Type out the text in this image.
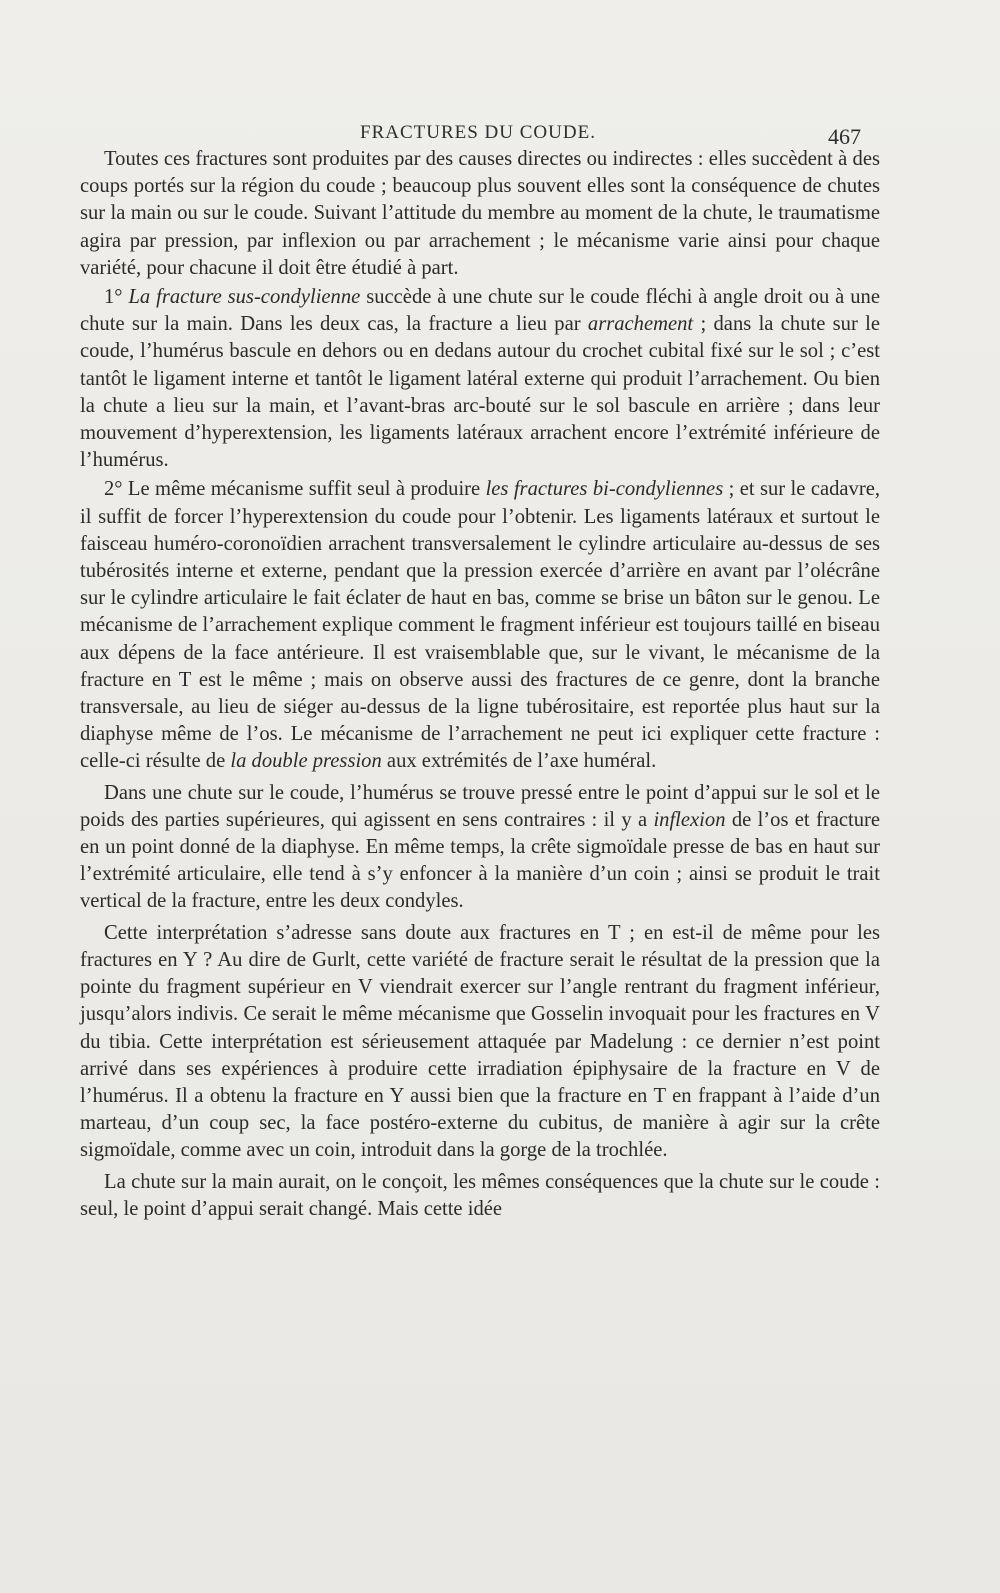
FRACTURES DU COUDE.	467

Toutes ces fractures sont produites par des causes directes ou indirectes : elles succèdent à des coups portés sur la région du coude ; beaucoup plus souvent elles sont la conséquence de chutes sur la main ou sur le coude. Suivant l’attitude du membre au moment de la chute, le traumatisme agira par pression, par inflexion ou par arrachement ; le mécanisme varie ainsi pour chaque variété, pour chacune il doit être étudié à part.

1° La fracture sus-condylienne succède à une chute sur le coude fléchi à angle droit ou à une chute sur la main. Dans les deux cas, la fracture a lieu par arrachement ; dans la chute sur le coude, l’humérus bascule en dehors ou en dedans autour du crochet cubital fixé sur le sol ; c’est tantôt le ligament interne et tantôt le ligament latéral externe qui produit l’arrachement. Ou bien la chute a lieu sur la main, et l’avant-bras arc-bouté sur le sol bascule en arrière ; dans leur mouvement d’hyperextension, les ligaments latéraux arrachent encore l’extrémité inférieure de l’humérus.

2° Le même mécanisme suffit seul à produire les fractures bi-condyliennes ; et sur le cadavre, il suffit de forcer l’hyperextension du coude pour l’obtenir. Les ligaments latéraux et surtout le faisceau huméro-coronoïdien arrachent transversalement le cylindre articulaire au-dessus de ses tubérosités interne et externe, pendant que la pression exercée d’arrière en avant par l’olécrâne sur le cylindre articulaire le fait éclater de haut en bas, comme se brise un bâton sur le genou. Le mécanisme de l’arrachement explique comment le fragment inférieur est toujours taillé en biseau aux dépens de la face antérieure. Il est vraisemblable que, sur le vivant, le mécanisme de la fracture en T est le même ; mais on observe aussi des fractures de ce genre, dont la branche transversale, au lieu de siéger au-dessus de la ligne tubérositaire, est reportée plus haut sur la diaphyse même de l’os. Le mécanisme de l’arrachement ne peut ici expliquer cette fracture : celle-ci résulte de la double pression aux extrémités de l’axe huméral.

Dans une chute sur le coude, l’humérus se trouve pressé entre le point d’appui sur le sol et le poids des parties supérieures, qui agissent en sens contraires : il y a inflexion de l’os et fracture en un point donné de la diaphyse. En même temps, la crête sigmoïdale presse de bas en haut sur l’extrémité articulaire, elle tend à s’y enfoncer à la manière d’un coin ; ainsi se produit le trait vertical de la fracture, entre les deux condyles.

Cette interprétation s’adresse sans doute aux fractures en T ; en est-il de même pour les fractures en Y ? Au dire de Gurlt, cette variété de fracture serait le résultat de la pression que la pointe du fragment supérieur en V viendrait exercer sur l’angle rentrant du fragment inférieur, jusqu’alors indivis. Ce serait le même mécanisme que Gosselin invoquait pour les fractures en V du tibia. Cette interprétation est sérieusement attaquée par Madelung : ce dernier n’est point arrivé dans ses expériences à produire cette irradiation épiphysaire de la fracture en V de l’humérus. Il a obtenu la fracture en Y aussi bien que la fracture en T en frappant à l’aide d’un marteau, d’un coup sec, la face postéro-externe du cubitus, de manière à agir sur la crête sigmoïdale, comme avec un coin, introduit dans la gorge de la trochlée.

La chute sur la main aurait, on le conçoit, les mêmes conséquences que la chute sur le coude : seul, le point d’appui serait changé. Mais cette idée
